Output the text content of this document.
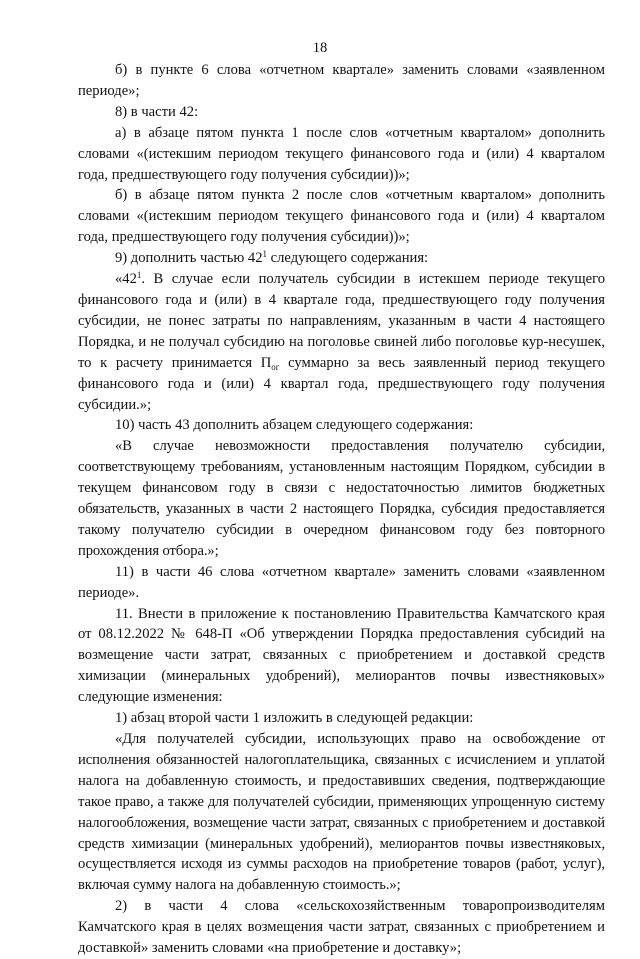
18

б) в пункте 6 слова «отчетном квартале» заменить словами «заявленном периоде»;

8) в части 42:

а) в абзаце пятом пункта 1 после слов «отчетным кварталом» дополнить словами «(истекшим периодом текущего финансового года и (или) 4 кварталом года, предшествующего году получения субсидии))»;

б) в абзаце пятом пункта 2 после слов «отчетным кварталом» дополнить словами «(истекшим периодом текущего финансового года и (или) 4 кварталом года, предшествующего году получения субсидии))»;

9) дополнить частью $42^1$ следующего содержания:

«$42^1$. В случае если получатель субсидии в истекшем периоде текущего финансового года и (или) в 4 квартале года, предшествующего году получения субсидии, не понес затраты по направлениям, указанным в части 4 настоящего Порядка, и не получал субсидию на поголовье свиней либо поголовье кур-несушек, то к расчету принимается $П_{ог}$ суммарно за весь заявленный период текущего финансового года и (или) 4 квартал года, предшествующего году получения субсидии.»;

10) часть 43 дополнить абзацем следующего содержания:

«В случае невозможности предоставления получателю субсидии, соответствующему требованиям, установленным настоящим Порядком, субсидии в текущем финансовом году в связи с недостаточностью лимитов бюджетных обязательств, указанных в части 2 настоящего Порядка, субсидия предоставляется такому получателю субсидии в очередном финансовом году без повторного прохождения отбора.»;

11) в части 46 слова «отчетном квартале» заменить словами «заявленном периоде».

11. Внести в приложение к постановлению Правительства Камчатского края от 08.12.2022 № 648-П «Об утверждении Порядка предоставления субсидий на возмещение части затрат, связанных с приобретением и доставкой средств химизации (минеральных удобрений), мелиорантов почвы известняковых» следующие изменения:

1) абзац второй части 1 изложить в следующей редакции:

«Для получателей субсидии, использующих право на освобождение от исполнения обязанностей налогоплательщика, связанных с исчислением и уплатой налога на добавленную стоимость, и предоставивших сведения, подтверждающие такое право, а также для получателей субсидии, применяющих упрощенную систему налогообложения, возмещение части затрат, связанных с приобретением и доставкой средств химизации (минеральных удобрений), мелиорантов почвы известняковых, осуществляется исходя из суммы расходов на приобретение товаров (работ, услуг), включая сумму налога на добавленную стоимость.»;

2) в части 4 слова «сельскохозяйственным товаропроизводителям Камчатского края в целях возмещения части затрат, связанных с приобретением и доставкой» заменить словами «на приобретение и доставку»;
